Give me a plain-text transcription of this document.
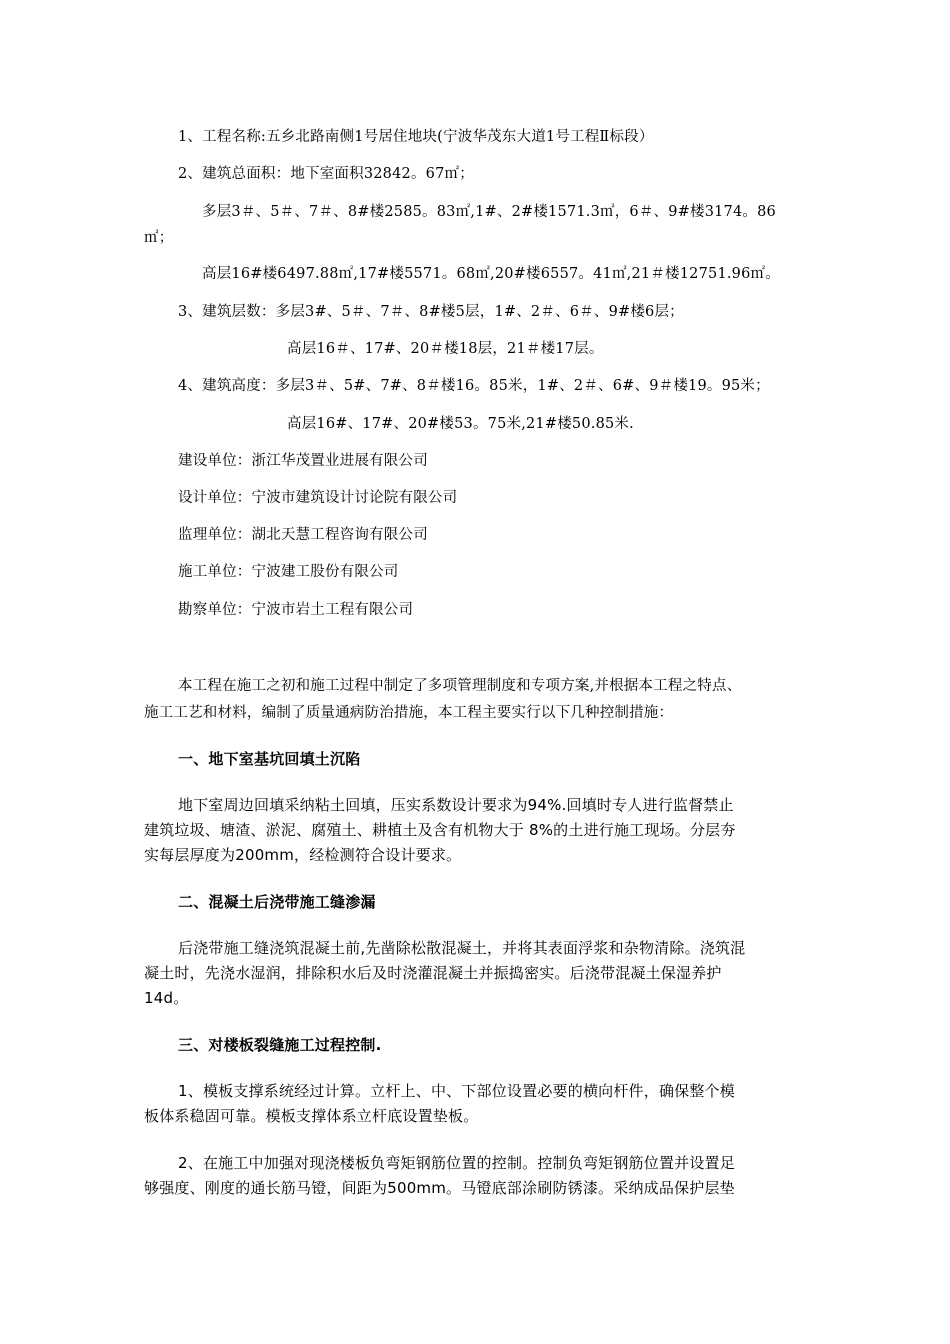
1、工程名称:五乡北路南侧1号居住地块(宁波华茂东大道1号工程Ⅱ标段）
2、建筑总面积：地下室面积32842。67㎡；
多层3＃、5＃、7＃、8#楼2585。83㎡,1#、2#楼1571.3㎡，6＃、9#楼3174。86
㎡；
高层16#楼6497.88㎡,17#楼5571。68㎡,20#楼6557。41㎡,21＃楼12751.96㎡。
3、建筑层数：多层3#、5＃、7＃、8#楼5层，1#、2＃、6＃、9#楼6层；
高层16＃、17#、20＃楼18层，21＃楼17层。
4、建筑高度：多层3＃、5#、7#、8＃楼16。85米，1#、2＃、6#、9＃楼19。95米；
高层16#、17#、20#楼53。75米,21#楼50.85米.
建设单位：浙江华茂置业进展有限公司
设计单位：宁波市建筑设计讨论院有限公司
监理单位：湖北天慧工程咨询有限公司
施工单位：宁波建工股份有限公司
勘察单位：宁波市岩土工程有限公司
本工程在施工之初和施工过程中制定了多项管理制度和专项方案,并根据本工程之特点、
施工工艺和材料，编制了质量通病防治措施，本工程主要实行以下几种控制措施：
一、地下室基坑回填土沉陷
地下室周边回填采纳粘土回填，压实系数设计要求为94%.回填时专人进行监督禁止
建筑垃圾、塘渣、淤泥、腐殖土、耕植土及含有机物大于 8%的土进行施工现场。分层夯
实每层厚度为200mm，经检测符合设计要求。
二、混凝土后浇带施工缝渗漏
后浇带施工缝浇筑混凝土前,先凿除松散混凝土，并将其表面浮浆和杂物清除。浇筑混
凝土时，先浇水湿润，排除积水后及时浇灌混凝土并振捣密实。后浇带混凝土保湿养护
14d。
三、对楼板裂缝施工过程控制.
1、模板支撑系统经过计算。立杆上、中、下部位设置必要的横向杆件，确保整个模
板体系稳固可靠。模板支撑体系立杆底设置垫板。
2、在施工中加强对现浇楼板负弯矩钢筋位置的控制。控制负弯矩钢筋位置并设置足
够强度、刚度的通长筋马镫，间距为500mm。马镫底部涂刷防锈漆。采纳成品保护层垫
